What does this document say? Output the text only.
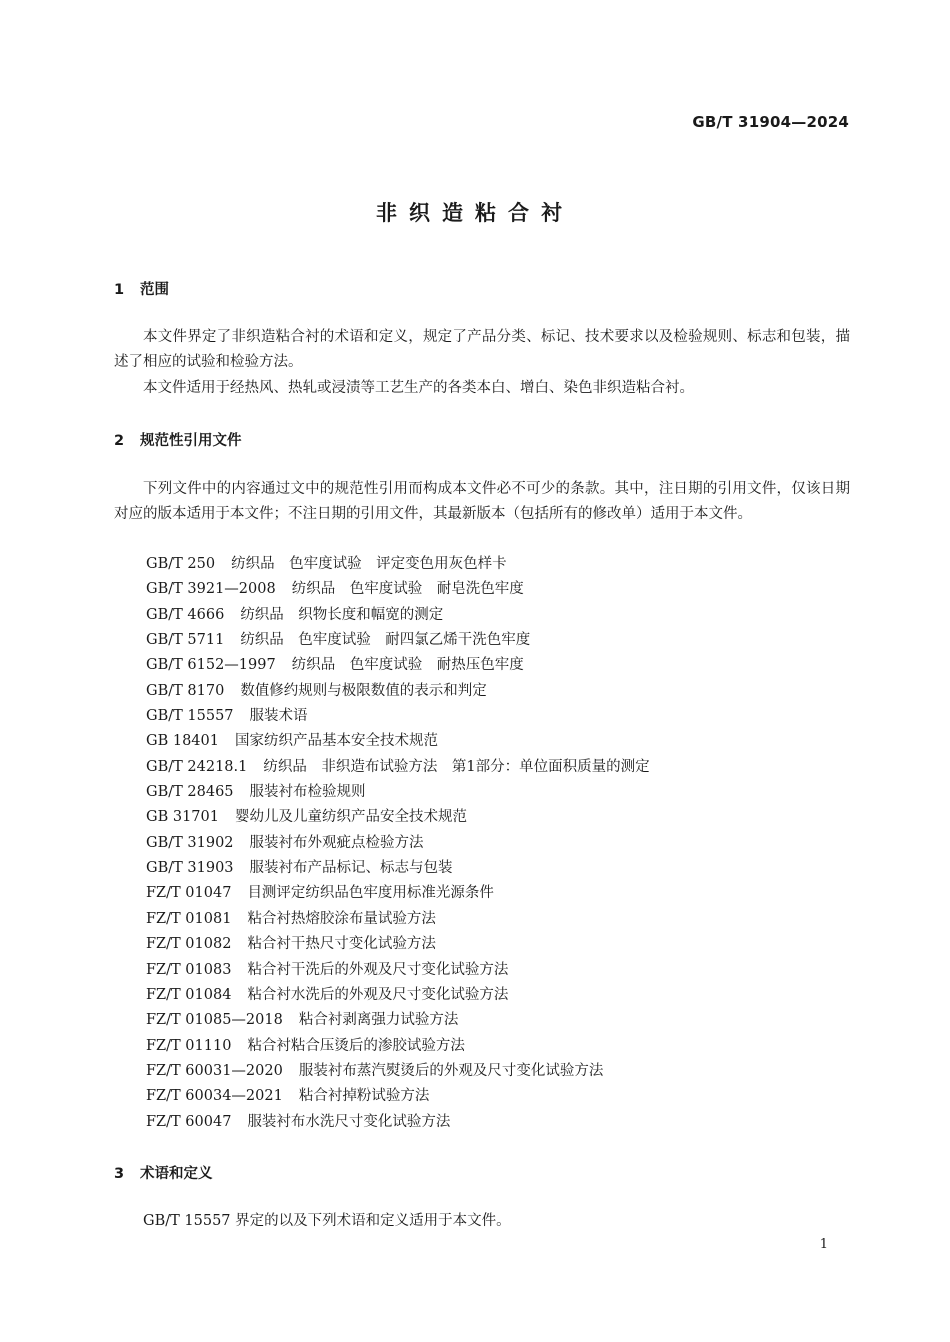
GB/T 31904—2024
非织造粘合衬
1 范围
本文件界定了非织造粘合衬的术语和定义，规定了产品分类、标记、技术要求以及检验规则、标志和包装，描述了相应的试验和检验方法。
本文件适用于经热风、热轧或浸渍等工艺生产的各类本白、增白、染色非织造粘合衬。
2 规范性引用文件
下列文件中的内容通过文中的规范性引用而构成本文件必不可少的条款。其中，注日期的引用文件，仅该日期对应的版本适用于本文件；不注日期的引用文件，其最新版本（包括所有的修改单）适用于本文件。
GB/T 250 纺织品　色牢度试验　评定变色用灰色样卡
GB/T 3921—2008 纺织品　色牢度试验　耐皂洗色牢度
GB/T 4666 纺织品　织物长度和幅宽的测定
GB/T 5711 纺织品　色牢度试验　耐四氯乙烯干洗色牢度
GB/T 6152—1997 纺织品　色牢度试验　耐热压色牢度
GB/T 8170 数值修约规则与极限数值的表示和判定
GB/T 15557 服装术语
GB 18401 国家纺织产品基本安全技术规范
GB/T 24218.1 纺织品　非织造布试验方法　第1部分：单位面积质量的测定
GB/T 28465 服装衬布检验规则
GB 31701 婴幼儿及儿童纺织产品安全技术规范
GB/T 31902 服装衬布外观疵点检验方法
GB/T 31903 服装衬布产品标记、标志与包装
FZ/T 01047 目测评定纺织品色牢度用标准光源条件
FZ/T 01081 粘合衬热熔胶涂布量试验方法
FZ/T 01082 粘合衬干热尺寸变化试验方法
FZ/T 01083 粘合衬干洗后的外观及尺寸变化试验方法
FZ/T 01084 粘合衬水洗后的外观及尺寸变化试验方法
FZ/T 01085—2018 粘合衬剥离强力试验方法
FZ/T 01110 粘合衬粘合压烫后的渗胶试验方法
FZ/T 60031—2020 服装衬布蒸汽熨烫后的外观及尺寸变化试验方法
FZ/T 60034—2021 粘合衬掉粉试验方法
FZ/T 60047 服装衬布水洗尺寸变化试验方法
3 术语和定义
GB/T 15557 界定的以及下列术语和定义适用于本文件。
1
